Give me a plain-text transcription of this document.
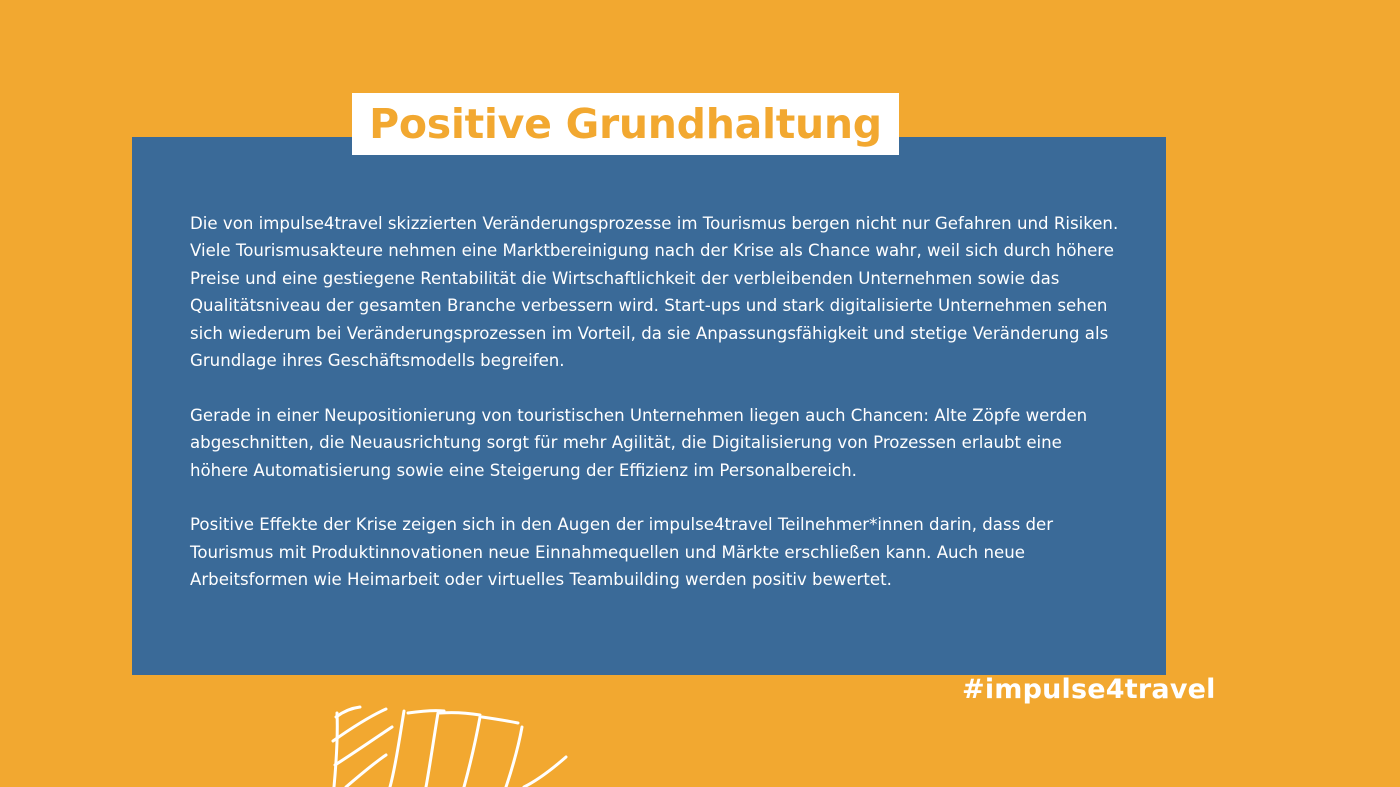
Positive Grundhaltung

Die von impulse4travel skizzierten Veränderungsprozesse im Tourismus bergen nicht nur Gefahren und Risiken. Viele Tourismusakteure nehmen eine Marktbereinigung nach der Krise als Chance wahr, weil sich durch höhere Preise und eine gestiegene Rentabilität die Wirtschaftlichkeit der verbleibenden Unternehmen sowie das Qualitätsniveau der gesamten Branche verbessern wird. Start-ups und stark digitalisierte Unternehmen sehen sich wiederum bei Veränderungsprozessen im Vorteil, da sie Anpassungsfähigkeit und stetige Veränderung als Grundlage ihres Geschäftsmodells begreifen.

Gerade in einer Neupositionierung von touristischen Unternehmen liegen auch Chancen: Alte Zöpfe werden abgeschnitten, die Neuausrichtung sorgt für mehr Agilität, die Digitalisierung von Prozessen erlaubt eine höhere Automatisierung sowie eine Steigerung der Effizienz im Personalbereich.

Positive Effekte der Krise zeigen sich in den Augen der impulse4travel Teilnehmer*innen darin, dass der Tourismus mit Produktinnovationen neue Einnahmequellen und Märkte erschließen kann. Auch neue Arbeitsformen wie Heimarbeit oder virtuelles Teambuilding werden positiv bewertet.

#impulse4travel
